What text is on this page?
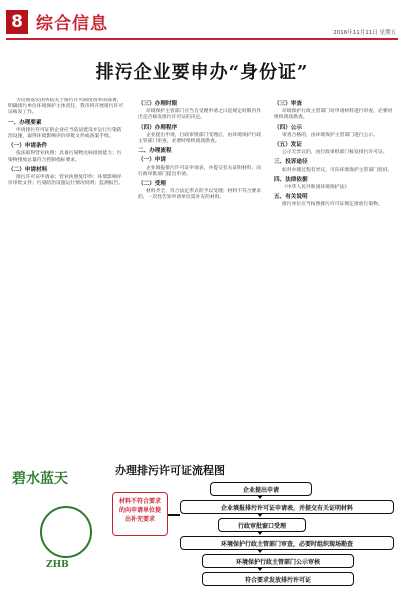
8 综合信息	2016年11月11日 星期五
排污企业要申办“身份证”

为贯彻落实国务院关于排污许可制度改革的部署，明确排污单位环境保护主体责任，我市将开展排污许可证核发工作。

一、办理要素

申请排污许可证的企业应当依法建设并运行污染防治设施，取得环境影响评价审批文件或备案手续。

（一）申请条件

依法取得营业执照；具备污染物达标排放能力；污染物排放总量符合控制指标要求。

（二）申请材料

排污许可证申请表；营业执照复印件；环境影响评价审批文件；污染防治设施运行情况说明；监测报告。

（三）办理时限

环境保护主管部门应当自受理申请之日起规定时限内作出是否核发排污许可证的决定。

（四）办理程序

企业提出申请，行政审批部门受理后，由环境保护行政主管部门审查，必要时组织现场勘查。

二、办理流程
（一）申请

企业填报排污许可证申请表，并提交有关证明材料，向行政审批部门提出申请。

（二）受理

材料齐全、符合法定形式的予以受理；材料不符合要求的，一次性告知申请单位需补充的材料。

（三）审查

环境保护行政主管部门对申请材料进行审查，必要时组织现场勘查。

（四）公示

审查合格的，由环境保护主管部门进行公示。

（五）发证

公示无异议的，由行政审批部门核发排污许可证。

三、投诉途径

如对办理过程有异议，可向环境保护主管部门投诉。

四、法律依据

《中华人民共和国环境保护法》

五、有关说明

排污单位应当按照排污许可证规定排放污染物。

碧水蓝天
ZHB
办理排污许可证流程图
材料不符合要求的向申请单位提出补充要求
企业提出申请
企业填报排污许可证申请表，并提交有关证明材料
行政审批窗口受理
环境保护行政主管部门审查，必要时组织现场勘查
环境保护行政主管部门公示审核
符合要求发放排污许可证
